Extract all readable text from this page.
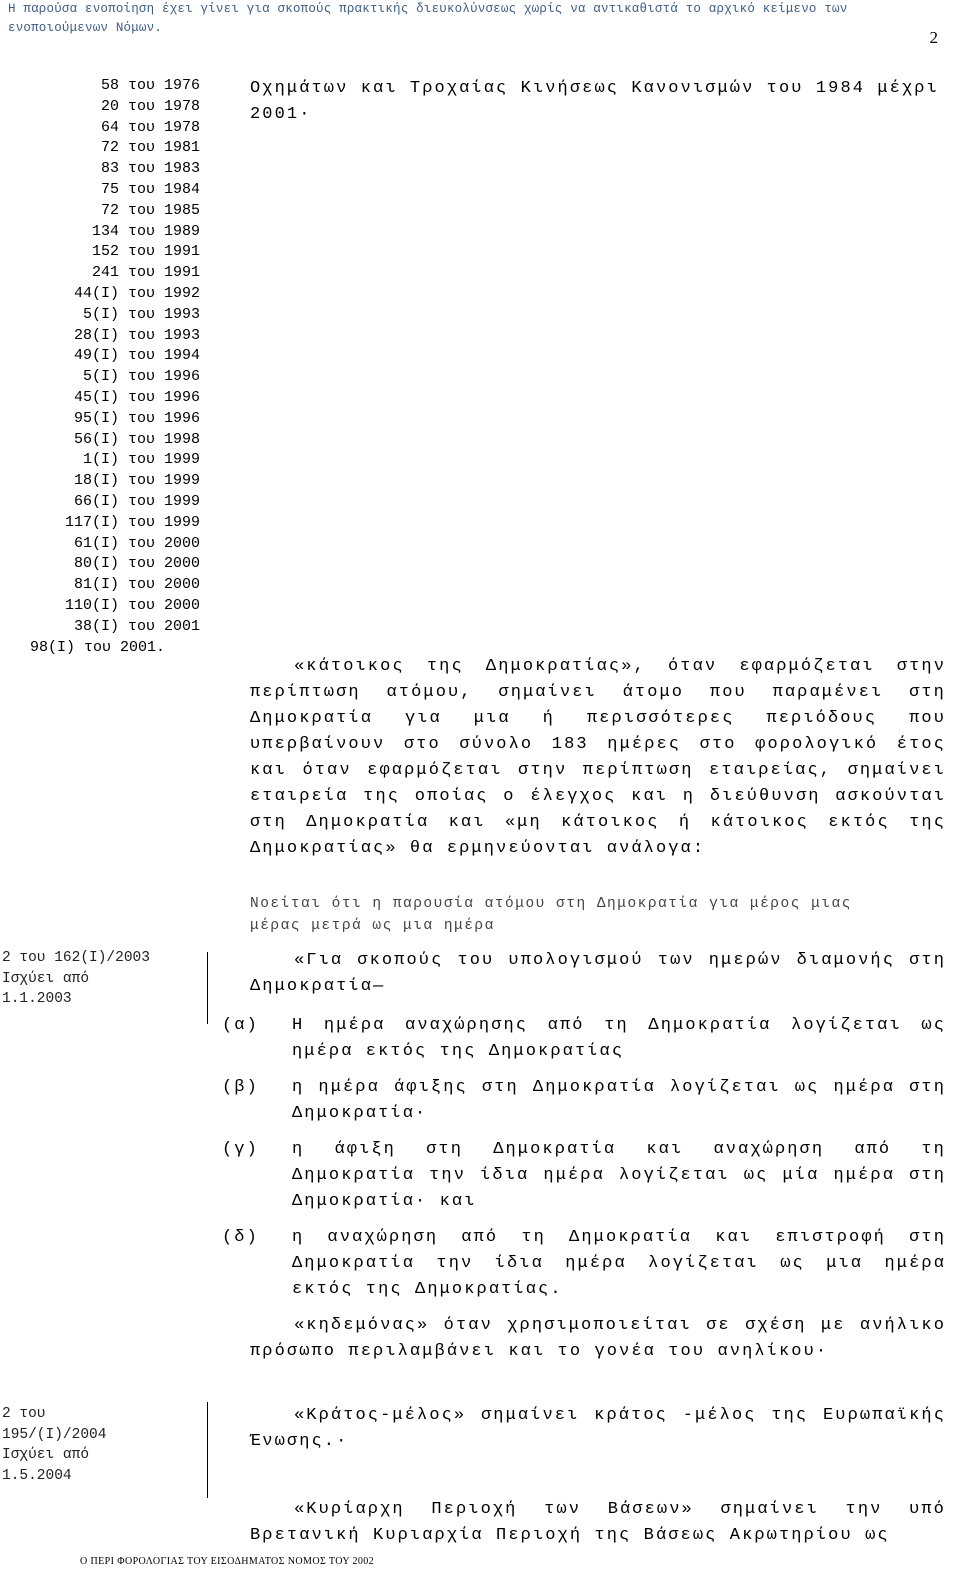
Η παρούσα ενοποίηση έχει γίνει για σκοπούς πρακτικής διευκολύνσεως χωρίς να αντικαθιστά το αρχικό κείμενο των ενοποιούμενων Νόμων.	2

58 του 1976

20 του 1978

64 του 1978

72 του 1981

83 του 1983

75 του 1984

72 του 1985

134 του 1989

152 του 1991

241 του 1991

44(Ι) του 1992

5(Ι) του 1993

28(Ι) του 1993

49(Ι) του 1994

5(Ι) του 1996

45(Ι) του 1996

95(Ι) του 1996

56(Ι) του 1998

1(Ι) του 1999

18(Ι) του 1999

66(Ι) του 1999

117(Ι) του 1999

61(Ι) του 2000

80(Ι) του 2000

81(Ι) του 2000

110(Ι) του 2000

38(Ι) του 2001

98(Ι) του 2001.

2 του 162(Ι)/2003
Ισχύει από
1.1.2003
2 του
195/(Ι)/2004
Ισχύει από
1.5.2004
Οχημάτων και Τροχαίας Κινήσεως Κανονισμών του 1984 μέχρι 2001·
«κάτοικος της Δημοκρατίας», όταν εφαρμόζεται στην περίπτωση ατόμου, σημαίνει άτομο που παραμένει στη Δημοκρατία για μια ή περισσότερες περιόδους που υπερβαίνουν στο σύνολο 183 ημέρες στο φορολογικό έτος και όταν εφαρμόζεται στην περίπτωση εταιρείας, σημαίνει εταιρεία της οποίας ο έλεγχος και η διεύθυνση ασκούνται στη Δημοκρατία και «μη κάτοικος ή κάτοικος εκτός της Δημοκρατίας» θα ερμηνεύονται ανάλογα:
Νοείται ότι η παρουσία ατόμου στη Δημοκρατία για μέρος μιας μέρας μετρά ως μια ημέρα
«Για σκοπούς του υπολογισμού των ημερών διαμονής στη Δημοκρατία—
(α) Η ημέρα αναχώρησης από τη Δημοκρατία λογίζεται ως ημέρα εκτός της Δημοκρατίας
(β) η ημέρα άφιξης στη Δημοκρατία λογίζεται ως ημέρα στη Δημοκρατία·
(γ) η άφιξη στη Δημοκρατία και αναχώρηση από τη Δημοκρατία την ίδια ημέρα λογίζεται ως μία ημέρα στη Δημοκρατία· και
(δ) η αναχώρηση από τη Δημοκρατία και επιστροφή στη Δημοκρατία την ίδια ημέρα λογίζεται ως μια ημέρα εκτός της Δημοκρατίας.
«κηδεμόνας» όταν χρησιμοποιείται σε σχέση με ανήλικο πρόσωπο περιλαμβάνει και το γονέα του ανηλίκου·
«Κράτος-μέλος» σημαίνει κράτος -μέλος της Ευρωπαϊκής Ένωσης.·
«Κυρίαρχη Περιοχή των Βάσεων» σημαίνει την υπό Βρετανική Κυριαρχία Περιοχή της Βάσεως Ακρωτηρίου ως
Ο ΠΕΡΙ ΦΟΡΟΛΟΓΙΑΣ ΤΟΥ ΕΙΣΟΔΗΜΑΤΟΣ ΝΟΜΟΣ ΤΟΥ 2002
